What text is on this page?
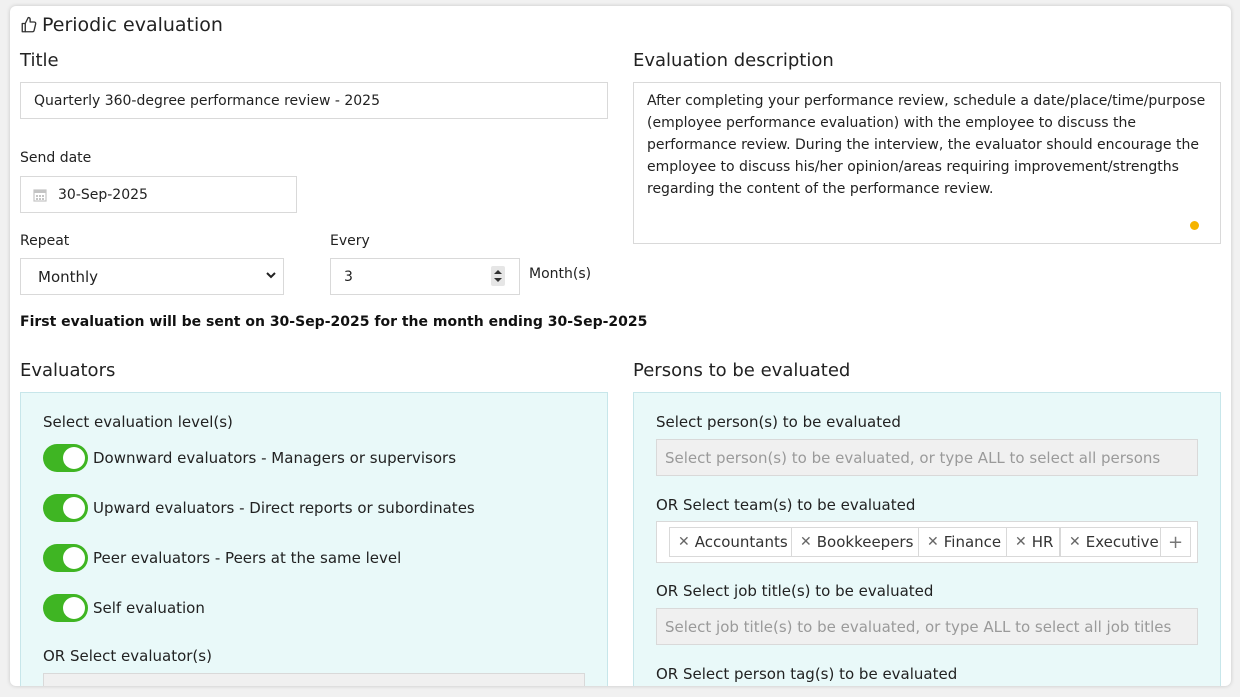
Periodic evaluation
Title
Quarterly 360-degree performance review - 2025
Send date
30-Sep-2025
Repeat
Monthly
Every
3	Month(s)
First evaluation will be sent on 30-Sep-2025 for the month ending 30-Sep-2025
Evaluation description
After completing your performance review, schedule a date/place/time/purpose (employee performance evaluation) with the employee to discuss the performance review. During the interview, the evaluator should encourage the employee to discuss his/her opinion/areas requiring improvement/strengths regarding the content of the performance review.
Evaluators
Select evaluation level(s)
Downward evaluators - Managers or supervisors
Upward evaluators - Direct reports or subordinates
Peer evaluators - Peers at the same level
Self evaluation
OR Select evaluator(s)
Persons to be evaluated
Select person(s) to be evaluated
Select person(s) to be evaluated, or type ALL to select all persons
OR Select team(s) to be evaluated
✕ Accountants ✕ Bookkeepers ✕ Finance ✕ HR ✕ Executive +
OR Select job title(s) to be evaluated
Select job title(s) to be evaluated, or type ALL to select all job titles
OR Select person tag(s) to be evaluated
